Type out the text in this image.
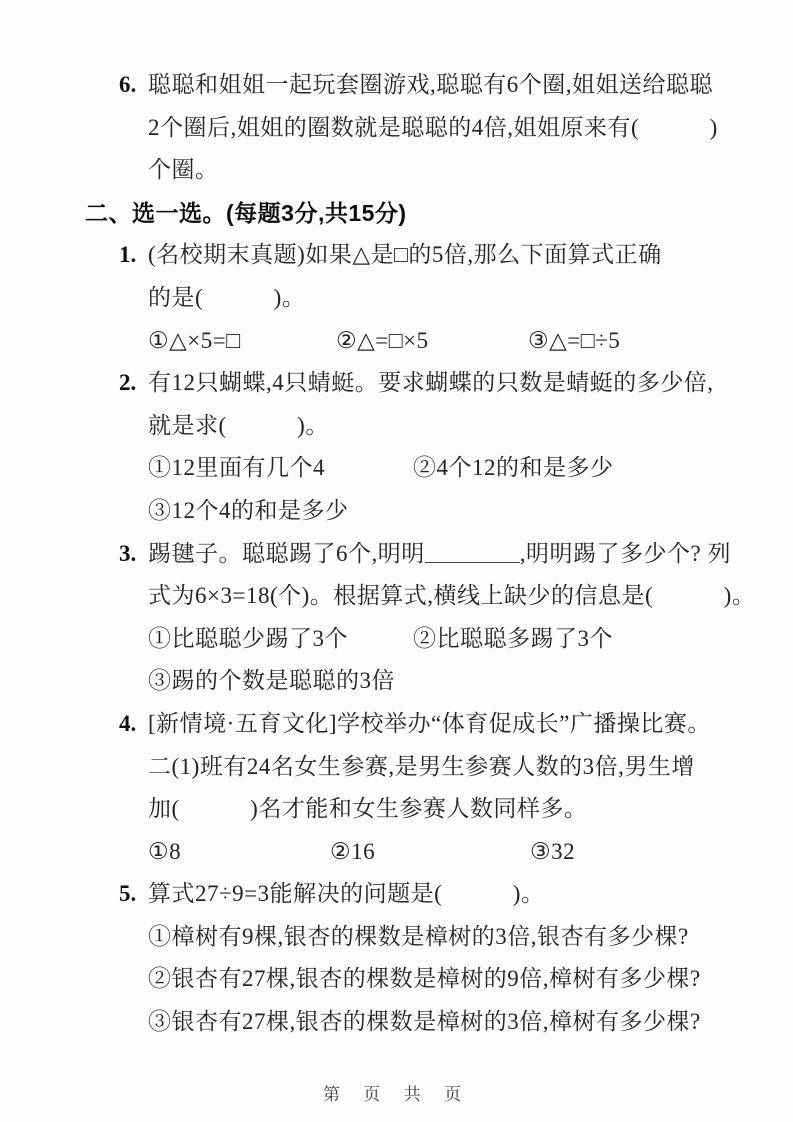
6. 聪聪和姐姐一起玩套圈游戏,聪聪有6个圈,姐姐送给聪聪
2个圈后,姐姐的圈数就是聪聪的4倍,姐姐原来有(　　　)
个圈。
二、选一选。(每题3分,共15分)
1. (名校期末真题)如果△是□的5倍,那么下面算式正确
的是(　　　)。
①△×5=□	②△=□×5	③△=□÷5
2. 有12只蝴蝶,4只蜻蜓。要求蝴蝶的只数是蜻蜓的多少倍,
就是求(　　　)。
①12里面有几个4	②4个12的和是多少
③12个4的和是多少
3. 踢毽子。聪聪踢了6个,明明	,明明踢了多少个? 列
式为6×3=18(个)。根据算式,横线上缺少的信息是(　　　)。
①比聪聪少踢了3个	②比聪聪多踢了3个
③踢的个数是聪聪的3倍
4. [新情境·五育文化]学校举办“体育促成长”广播操比赛。
二(1)班有24名女生参赛,是男生参赛人数的3倍,男生增
加(　　　)名才能和女生参赛人数同样多。
①8	②16	③32
5. 算式27÷9=3能解决的问题是(　　　)。
①樟树有9棵,银杏的棵数是樟树的3倍,银杏有多少棵?
②银杏有27棵,银杏的棵数是樟树的9倍,樟树有多少棵?
③银杏有27棵,银杏的棵数是樟树的3倍,樟树有多少棵?
第 页 共 页
